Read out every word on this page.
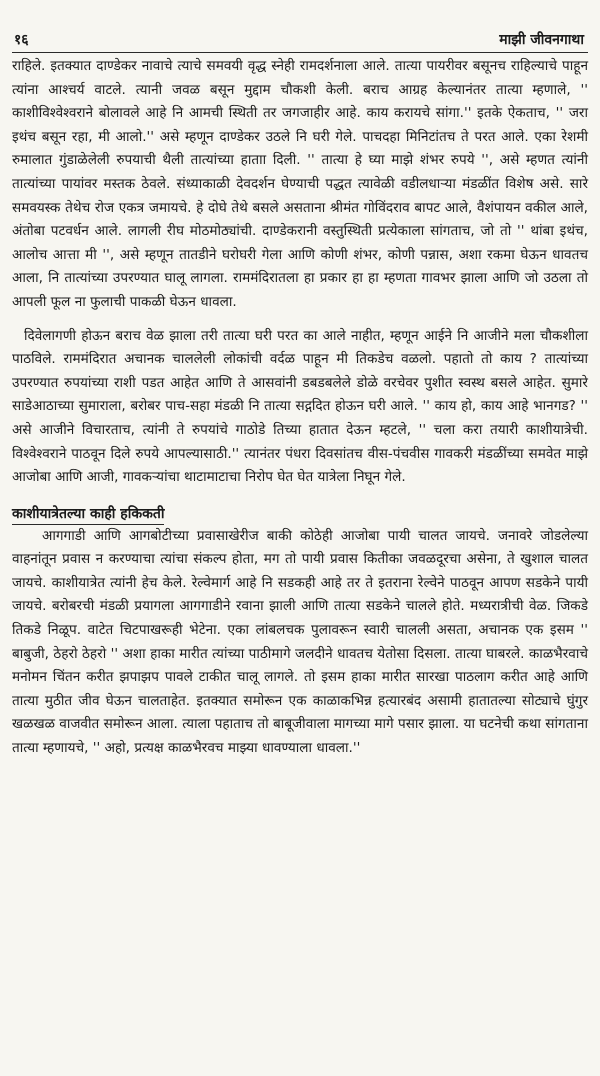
१६	माझी जीवनगाथा

राहिले. इतक्यात दाण्डेकर नावाचे त्याचे समवयी वृद्ध स्नेही रामदर्शनाला आले. तात्या पायरीवर बसूनच राहिल्याचे पाहून त्यांना आश्चर्य वाटले. त्यानी जवळ बसून मुद्दाम चौकशी केली. बराच आग्रह केल्यानंतर तात्या म्हणाले, '' काशीविश्वेश्वराने बोलावले आहे नि आमची स्थिती तर जगजाहीर आहे. काय करायचे सांगा.'' इतके ऐकताच, '' जरा इथंच बसून रहा, मी आलो.'' असे म्हणून दाण्डेकर उठले नि घरी गेले. पाचदहा मिनिटांतच ते परत आले. एका रेशमी रुमालात गुंडाळेलेली रुपयाची थैली तात्यांच्या हाताा दिली. '' तात्या हे घ्या माझे शंभर रुपये '', असे म्हणत त्यांनी तात्यांच्या पायांवर मस्तक ठेवले. संध्याकाळी देवदर्शन घेण्याची पद्धत त्यावेळी वडीलधाऱ्या मंडळींत विशेष असे. सारे समवयस्क तेथेच रोज एकत्र जमायचे. हे दोघे तेथे बसले असताना श्रीमंत गोविंदराव बापट आले, वैशंपायन वकील आले, अंतोबा पटवर्धन आले. लागली रीघ मोठमोठ्यांची. दाण्डेकरानी वस्तुस्थिती प्रत्येकाला सांगताच, जो तो '' थांबा इथंच, आलोच आत्ता मी '', असे म्हणून तातडीने घरोघरी गेला आणि कोणी शंभर, कोणी पन्नास, अशा रकमा घेऊन धावतच आला, नि तात्यांच्या उपरण्यात घालू लागला. राममंदिरातला हा प्रकार हा हा म्हणता गावभर झाला आणि जो उठला तो आपली फूल ना फुलाची पाकळी घेऊन धावला.

दिवेलागणी होऊन बराच वेळ झाला तरी तात्या घरी परत का आले नाहीत, म्हणून आईने नि आजीने मला चौकशीला पाठविले. राममंदिरात अचानक चाललेली लोकांची वर्दळ पाहून मी तिकडेच वळलो. पहातो तो काय ? तात्यांच्या उपरण्यात रुपयांच्या राशी पडत आहेत आणि ते आसवांनी डबडबलेले डोळे वरचेवर पुशीत स्वस्थ बसले आहेत. सुमारे साडेआठाच्या सुमाराला, बरोबर पाच-सहा मंडळी नि तात्या सद्गदित होऊन घरी आले. '' काय हो, काय आहे भानगड? '' असे आजीने विचारताच, त्यांनी ते रुपयांचे गाठोडे तिच्या हातात देऊन म्हटले, '' चला करा तयारी काशीयात्रेची. विश्वेश्वराने पाठवून दिले रुपये आपल्यासाठी.'' त्यानंतर पंधरा दिवसांतच वीस-पंचवीस गावकरी मंडळींच्या समवेत माझे आजोबा आणि आजी, गावकऱ्यांचा थाटामाटाचा निरोप घेत घेत यात्रेला निघून गेले.

काशीयात्रेतल्या काही हकिकती

आगगाडी आणि आगबोटीच्या प्रवासाखेरीज बाकी कोठेही आजोबा पायी चालत जायचे. जनावरे जोडलेल्या वाहनांतून प्रवास न करण्याचा त्यांचा संकल्प होता, मग तो पायी प्रवास कितीका जवळदूरचा असेना, ते खुशाल चालत जायचे. काशीयात्रेत त्यांनी हेच केले. रेल्वेमार्ग आहे नि सडकही आहे तर ते इतराना रेल्वेने पाठवून आपण सडकेने पायी जायचे. बरोबरची मंडळी प्रयागला आगगाडीने रवाना झाली आणि तात्या सडकेने चालले होते. मध्यरात्रीची वेळ. जिकडे तिकडे निळूप. वाटेत चिटपाखरूही भेटेना. एका लांबलचक पुलावरून स्वारी चालली असता, अचानक एक इसम '' बाबुजी, ठेहरो ठेहरो '' अशा हाका मारीत त्यांच्या पाठीमागे जलदीने धावतच येतोसा दिसला. तात्या घाबरले. काळभैरवाचे मनोमन चिंतन करीत झपाझप पावले टाकीत चालू लागले. तो इसम हाका मारीत सारखा पाठलाग करीत आहे आणि तात्या मुठीत जीव घेऊन चालताहेत. इतक्यात समोरून एक काळाकभिन्न हत्यारबंद असामी हातातल्या सोट्याचे घुंगुर खळखळ वाजवीत समोरून आला. त्याला पहाताच तो बाबूजीवाला मागच्या मागे पसार झाला. या घटनेची कथा सांगताना तात्या म्हणायचे, '' अहो, प्रत्यक्ष काळभैरवच माझ्या धावण्याला धावला.''
